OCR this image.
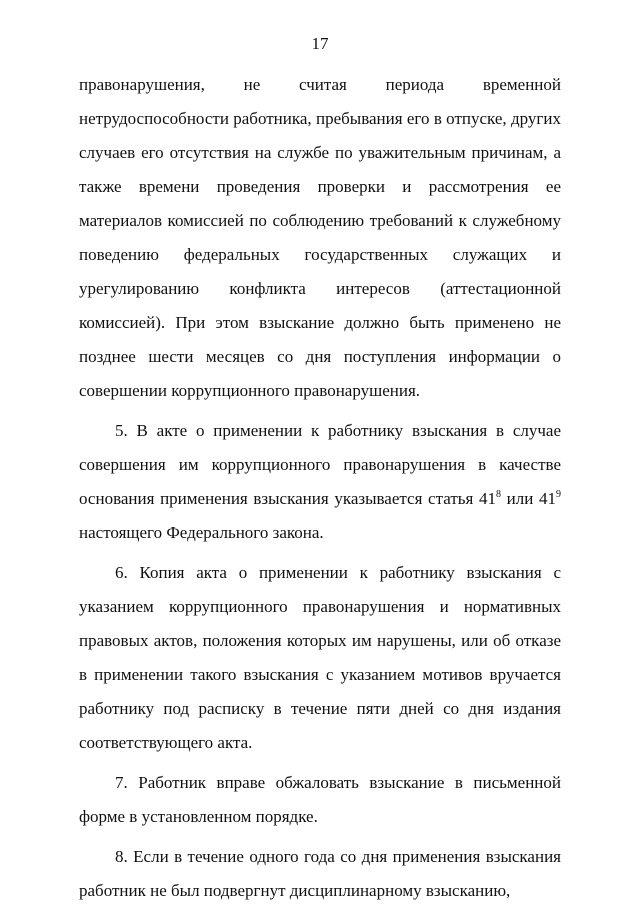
17

правонарушения, не считая периода временной нетрудоспособности работника, пребывания его в отпуске, других случаев его отсутствия на службе по уважительным причинам, а также времени проведения проверки и рассмотрения ее материалов комиссией по соблюдению требований к служебному поведению федеральных государственных служащих и урегулированию конфликта интересов (аттестационной комиссией). При этом взыскание должно быть применено не позднее шести месяцев со дня поступления информации о совершении коррупционного правонарушения.

5. В акте о применении к работнику взыскания в случае совершения им коррупционного правонарушения в качестве основания применения взыскания указывается статья $41^8$ или $41^9$ настоящего Федерального закона.

6. Копия акта о применении к работнику взыскания с указанием коррупционного правонарушения и нормативных правовых актов, положения которых им нарушены, или об отказе в применении такого взыскания с указанием мотивов вручается работнику под расписку в течение пяти дней со дня издания соответствующего акта.

7. Работник вправе обжаловать взыскание в письменной форме в установленном порядке.

8. Если в течение одного года со дня применения взыскания работник не был подвергнут дисциплинарному взысканию,
